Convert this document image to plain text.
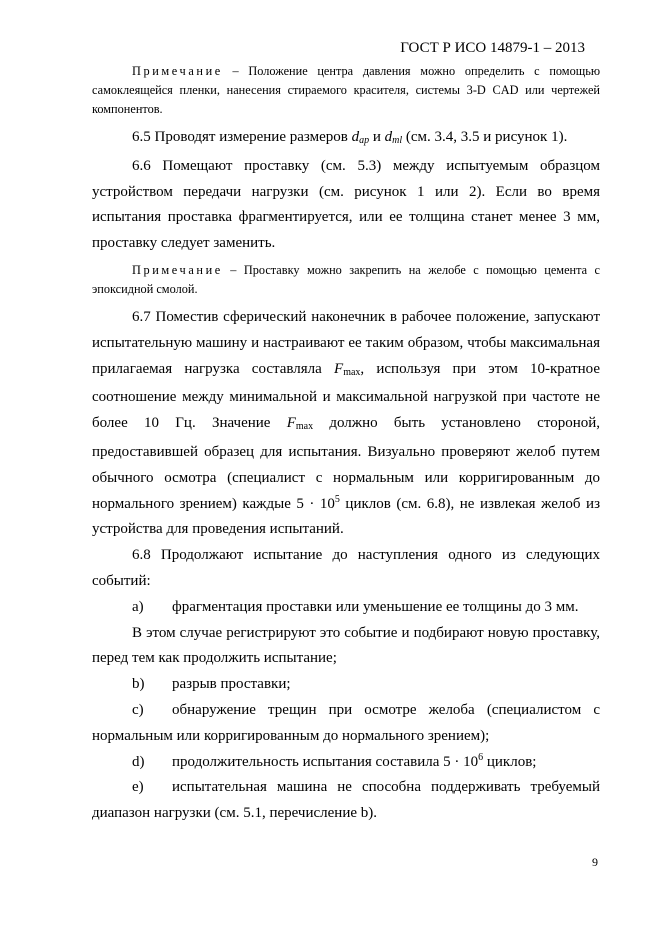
ГОСТ Р ИСО 14879-1 – 2013

Примечание – Положение центра давления можно определить с помощью самоклеящейся пленки, нанесения стираемого красителя, системы 3-D CAD или чертежей компонентов.

6.5 Проводят измерение размеров $d_{ap}$ и $d_{ml}$ (см. 3.4, 3.5 и рисунок 1).

6.6 Помещают проставку (см. 5.3) между испытуемым образцом устройством передачи нагрузки (см. рисунок 1 или 2). Если во время испытания проставка фрагментируется, или ее толщина станет менее 3 мм, проставку следует заменить.

Примечание – Проставку можно закрепить на желобе с помощью цемента с эпоксидной смолой.

6.7 Поместив сферический наконечник в рабочее положение, запускают испытательную машину и настраивают ее таким образом, чтобы максимальная прилагаемая нагрузка составляла $F_{max}$, используя при этом 10-кратное соотношение между минимальной и максимальной нагрузкой при частоте не более 10 Гц. Значение $F_{max}$ должно быть установлено стороной, предоставившей образец для испытания. Визуально проверяют желоб путем обычного осмотра (специалист с нормальным или корригированным до нормального зрением) каждые $5 \cdot 10^5$ циклов (см. 6.8), не извлекая желоб из устройства для проведения испытаний.

6.8 Продолжают испытание до наступления одного из следующих событий:

a) фрагментация проставки или уменьшение ее толщины до 3 мм.

В этом случае регистрируют это событие и подбирают новую проставку, перед тем как продолжить испытание;

b) разрыв проставки;

c) обнаружение трещин при осмотре желоба (специалистом с нормальным или корригированным до нормального зрением);

d) продолжительность испытания составила $5 \cdot 10^6$ циклов;

e) испытательная машина не способна поддерживать требуемый диапазон нагрузки (см. 5.1, перечисление b).

9
